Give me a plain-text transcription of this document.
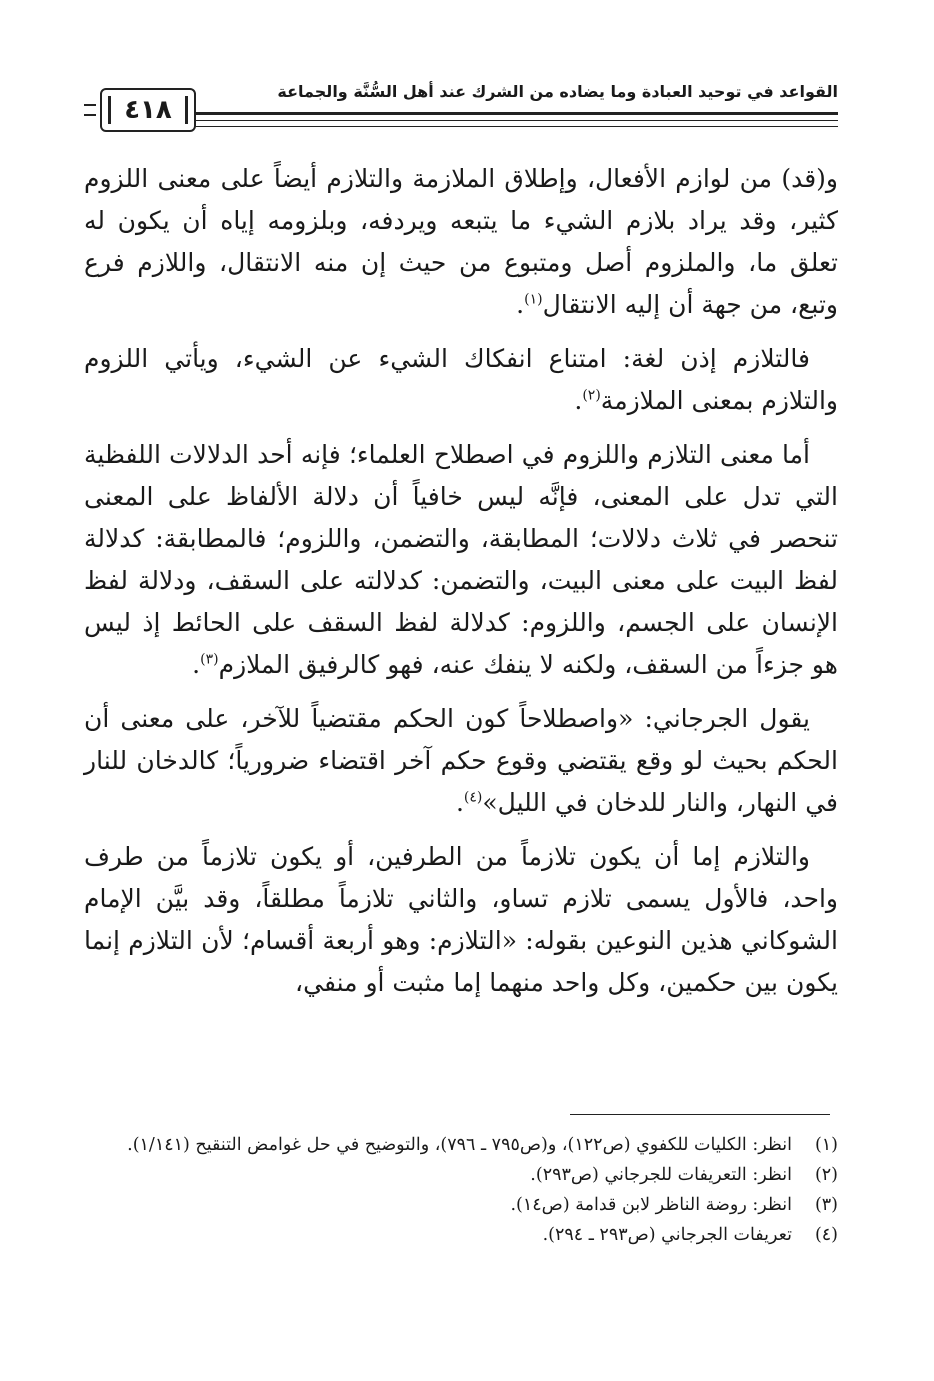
٤١٨
القواعد في توحيد العبادة وما يضاده من الشرك عند أهل السُّنَّة والجماعة

و(قد) من لوازم الأفعال، وإطلاق الملازمة والتلازم أيضاً على معنى اللزوم كثير، وقد يراد بلازم الشيء ما يتبعه ويردفه، وبلزومه إياه أن يكون له تعلق ما، والملزوم أصل ومتبوع من حيث إن منه الانتقال، واللازم فرع وتبع، من جهة أن إليه الانتقال$^{(١)}$.

فالتلازم إذن لغة: امتناع انفكاك الشيء عن الشيء، ويأتي اللزوم والتلازم بمعنى الملازمة$^{(٢)}$.

أما معنى التلازم واللزوم في اصطلاح العلماء؛ فإنه أحد الدلالات اللفظية التي تدل على المعنى، فإنَّه ليس خافياً أن دلالة الألفاظ على المعنى تنحصر في ثلاث دلالات؛ المطابقة، والتضمن، واللزوم؛ فالمطابقة: كدلالة لفظ البيت على معنى البيت، والتضمن: كدلالته على السقف، ودلالة لفظ الإنسان على الجسم، واللزوم: كدلالة لفظ السقف على الحائط إذ ليس هو جزءاً من السقف، ولكنه لا ينفك عنه، فهو كالرفيق الملازم$^{(٣)}$.

يقول الجرجاني: «واصطلاحاً كون الحكم مقتضياً للآخر، على معنى أن الحكم بحيث لو وقع يقتضي وقوع حكم آخر اقتضاء ضرورياً؛ كالدخان للنار في النهار، والنار للدخان في الليل»$^{(٤)}$.

والتلازم إما أن يكون تلازماً من الطرفين، أو يكون تلازماً من طرف واحد، فالأول يسمى تلازم تساو، والثاني تلازماً مطلقاً، وقد بيَّن الإمام الشوكاني هذين النوعين بقوله: «التلازم: وهو أربعة أقسام؛ لأن التلازم إنما يكون بين حكمين، وكل واحد منهما إما مثبت أو منفي،

(١)
انظر: الكليات للكفوي (ص١٢٢)، و(ص٧٩٥ ـ ٧٩٦)، والتوضيح في حل غوامض التنقيح (١/١٤١).
(٢)
انظر: التعريفات للجرجاني (ص٢٩٣).
(٣)
انظر: روضة الناظر لابن قدامة (ص١٤).
(٤)
تعريفات الجرجاني (ص٢٩٣ ـ ٢٩٤).
